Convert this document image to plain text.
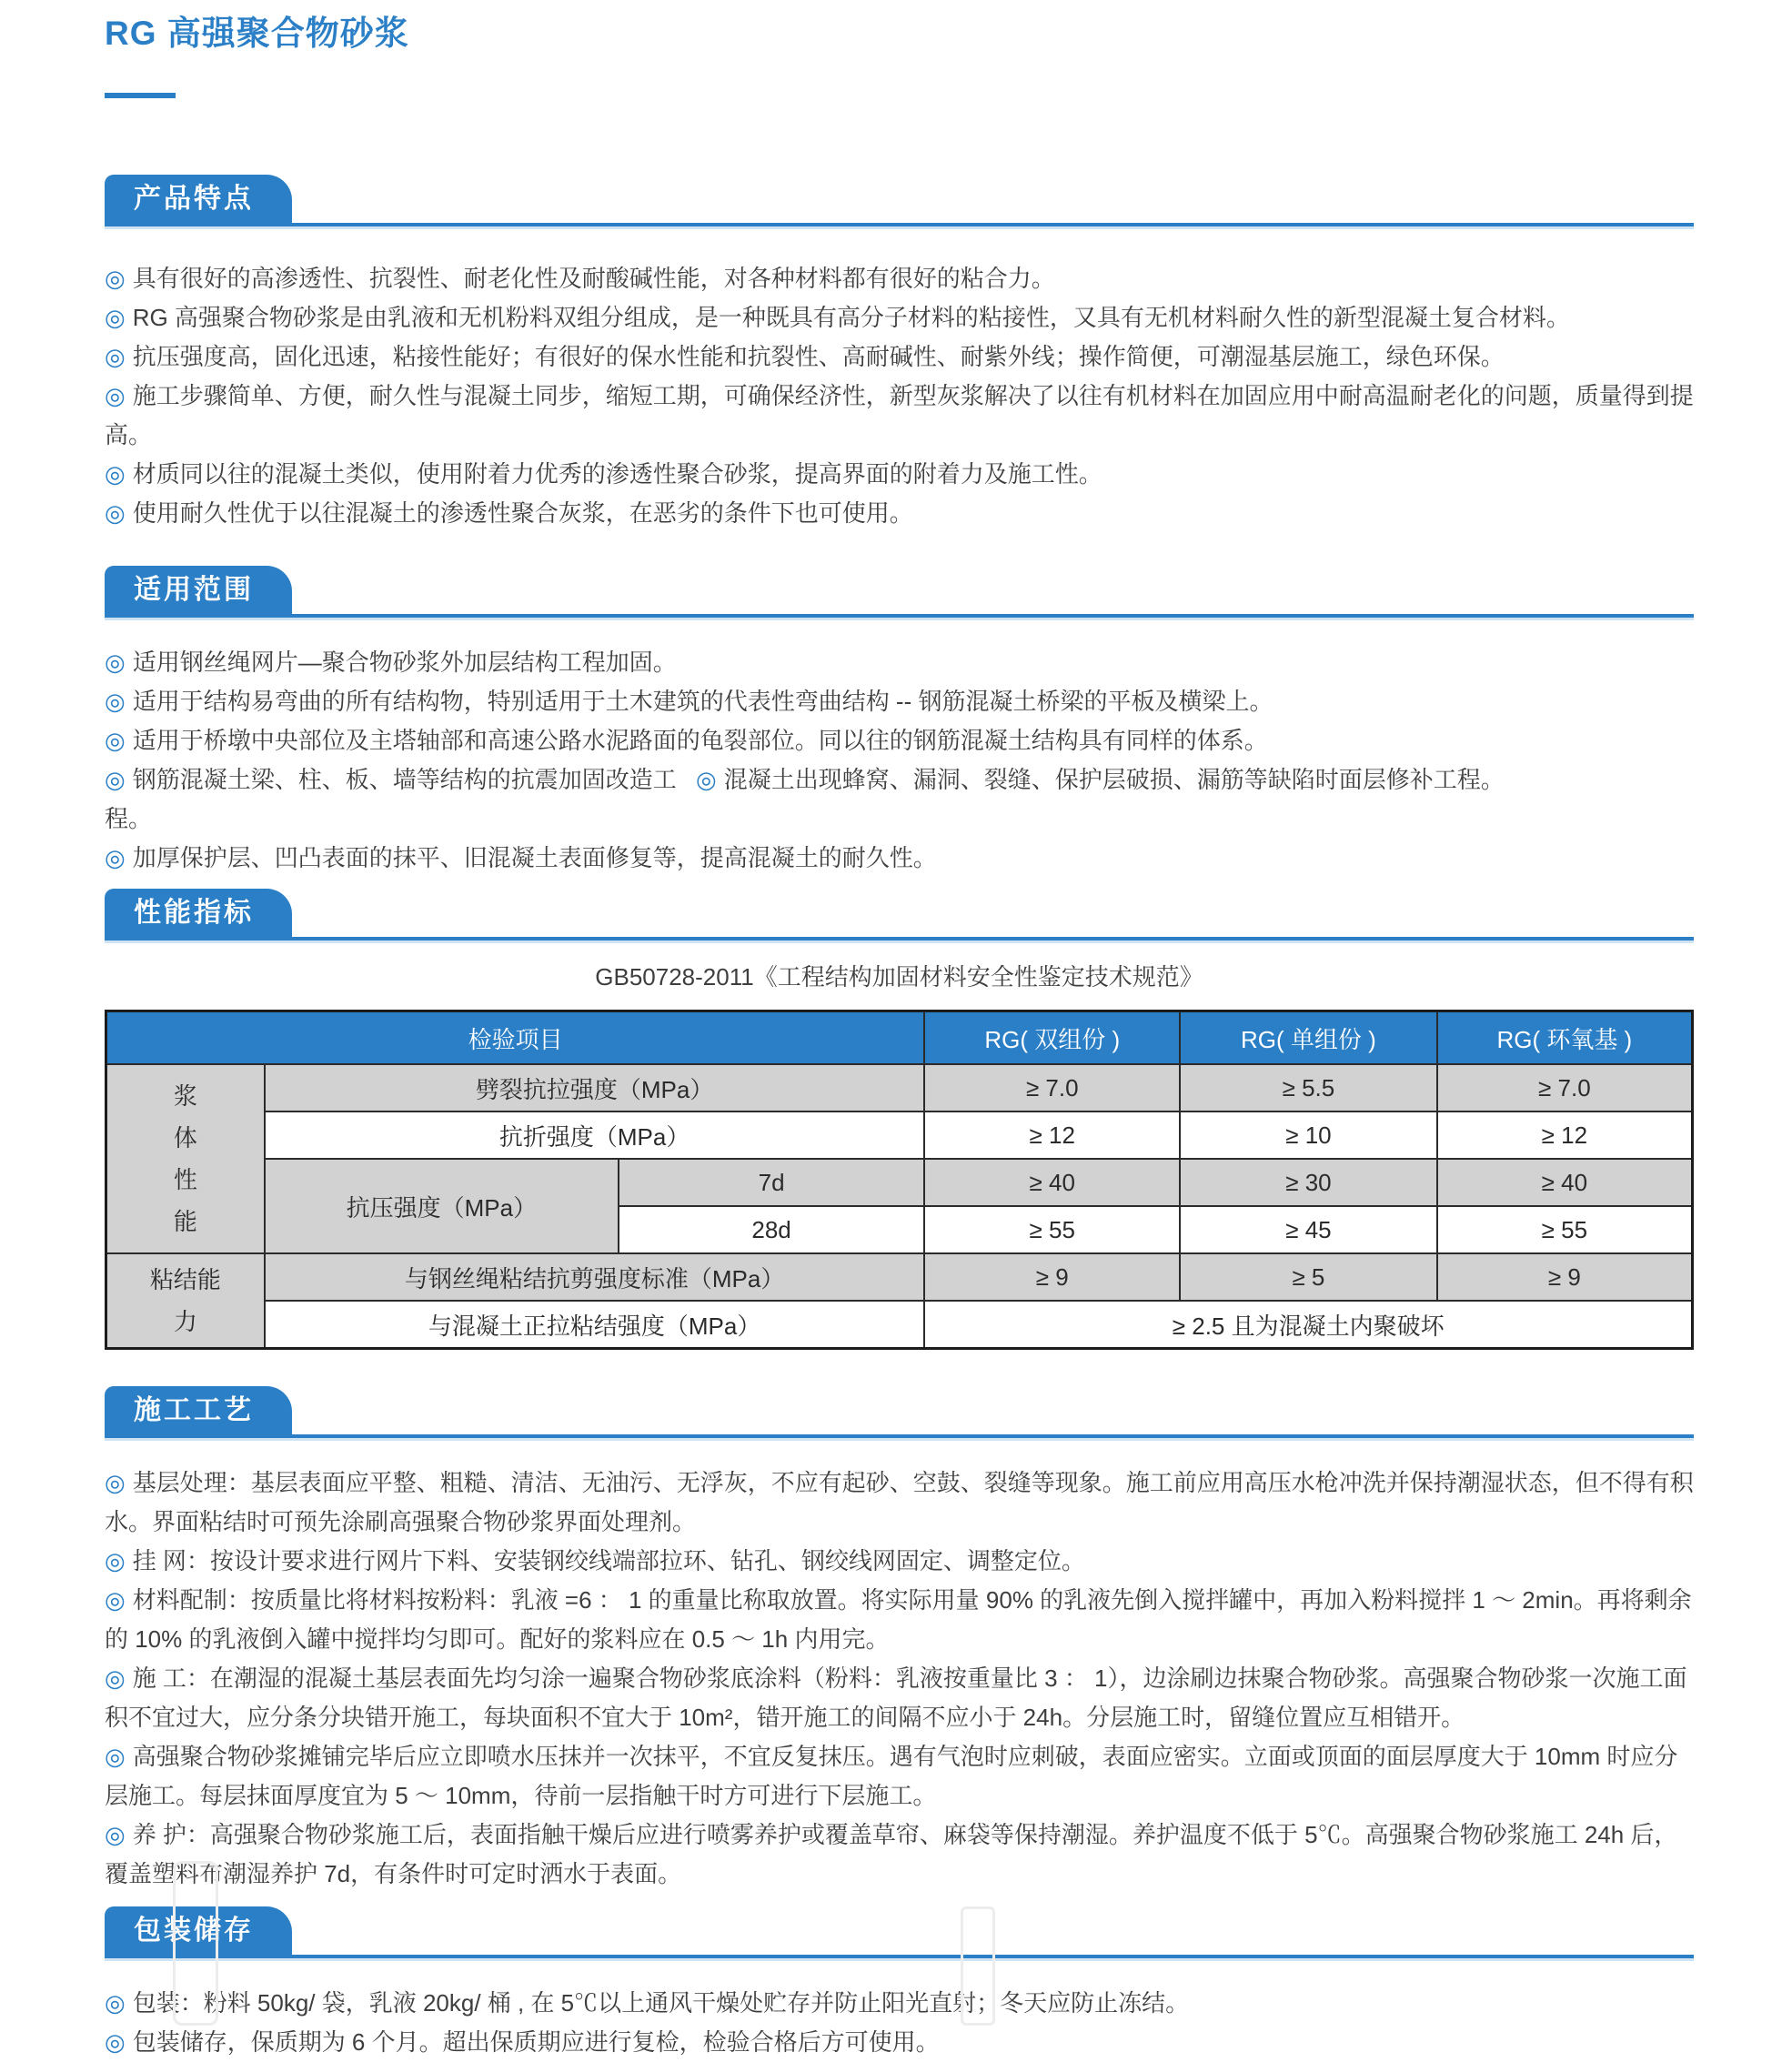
RG 高强聚合物砂浆
产品特点
◎ 具有很好的高渗透性、抗裂性、耐老化性及耐酸碱性能，对各种材料都有很好的粘合力。
◎ RG 高强聚合物砂浆是由乳液和无机粉料双组分组成，是一种既具有高分子材料的粘接性，又具有无机材料耐久性的新型混凝土复合材料。
◎ 抗压强度高，固化迅速，粘接性能好；有很好的保水性能和抗裂性、高耐碱性、耐紫外线；操作简便，可潮湿基层施工，绿色环保。
◎ 施工步骤简单、方便，耐久性与混凝土同步，缩短工期，可确保经济性，新型灰浆解决了以往有机材料在加固应用中耐高温耐老化的问题，质量得到提高。
◎ 材质同以往的混凝土类似，使用附着力优秀的渗透性聚合砂浆，提高界面的附着力及施工性。
◎ 使用耐久性优于以往混凝土的渗透性聚合灰浆，在恶劣的条件下也可使用。
适用范围
◎ 适用钢丝绳网片—聚合物砂浆外加层结构工程加固。
◎ 适用于结构易弯曲的所有结构物，特别适用于土木建筑的代表性弯曲结构 -- 钢筋混凝土桥梁的平板及横梁上。
◎ 适用于桥墩中央部位及主塔轴部和高速公路水泥路面的龟裂部位。同以往的钢筋混凝土结构具有同样的体系。
◎ 钢筋混凝土梁、柱、板、墙等结构的抗震加固改造工程。
◎ 混凝土出现蜂窝、漏洞、裂缝、保护层破损、漏筋等缺陷时面层修补工程。
◎ 加厚保护层、凹凸表面的抹平、旧混凝土表面修复等，提高混凝土的耐久性。
性能指标
GB50728-2011《工程结构加固材料安全性鉴定技术规范》
检验项目			RG( 双组份 )	RG( 单组份 )	RG( 环氧基 )
浆体性能	劈裂抗拉强度（MPa）		≥ 7.0	≥ 5.5	≥ 7.0
	抗折强度（MPa）		≥ 12	≥ 10	≥ 12
	抗压强度（MPa）	7d	≥ 40	≥ 30	≥ 40
		28d	≥ 55	≥ 45	≥ 55
粘结能力	与钢丝绳粘结抗剪强度标准（MPa）		≥ 9	≥ 5	≥ 9
	与混凝土正拉粘结强度（MPa）		≥ 2.5 且为混凝土内聚破坏		
施工工艺
◎ 基层处理：基层表面应平整、粗糙、清洁、无油污、无浮灰，不应有起砂、空鼓、裂缝等现象。施工前应用高压水枪冲洗并保持潮湿状态，但不得有积水。界面粘结时可预先涂刷高强聚合物砂浆界面处理剂。
◎ 挂 网：按设计要求进行网片下料、安装钢绞线端部拉环、钻孔、钢绞线网固定、调整定位。
◎ 材料配制：按质量比将材料按粉料：乳液 =6 ： 1 的重量比称取放置。将实际用量 90% 的乳液先倒入搅拌罐中，再加入粉料搅拌 1 ～ 2min。再将剩余的 10% 的乳液倒入罐中搅拌均匀即可。配好的浆料应在 0.5 ～ 1h 内用完。
◎ 施 工：在潮湿的混凝土基层表面先均匀涂一遍聚合物砂浆底涂料（粉料：乳液按重量比 3 ： 1），边涂刷边抹聚合物砂浆。高强聚合物砂浆一次施工面积不宜过大，应分条分块错开施工，每块面积不宜大于 10m²，错开施工的间隔不应小于 24h。分层施工时，留缝位置应互相错开。
◎ 高强聚合物砂浆摊铺完毕后应立即喷水压抹并一次抹平，不宜反复抹压。遇有气泡时应刺破，表面应密实。立面或顶面的面层厚度大于 10mm 时应分层施工。每层抹面厚度宜为 5 ～ 10mm，待前一层指触干时方可进行下层施工。
◎ 养 护：高强聚合物砂浆施工后，表面指触干燥后应进行喷雾养护或覆盖草帘、麻袋等保持潮湿。养护温度不低于 5℃。高强聚合物砂浆施工 24h 后，覆盖塑料布潮湿养护 7d，有条件时可定时洒水于表面。
包装储存
◎ 包装：粉料 50kg/ 袋，乳液 20kg/ 桶 , 在 5℃以上通风干燥处贮存并防止阳光直射；冬天应防止冻结。
◎ 包装储存，保质期为 6 个月。超出保质期应进行复检，检验合格后方可使用。
